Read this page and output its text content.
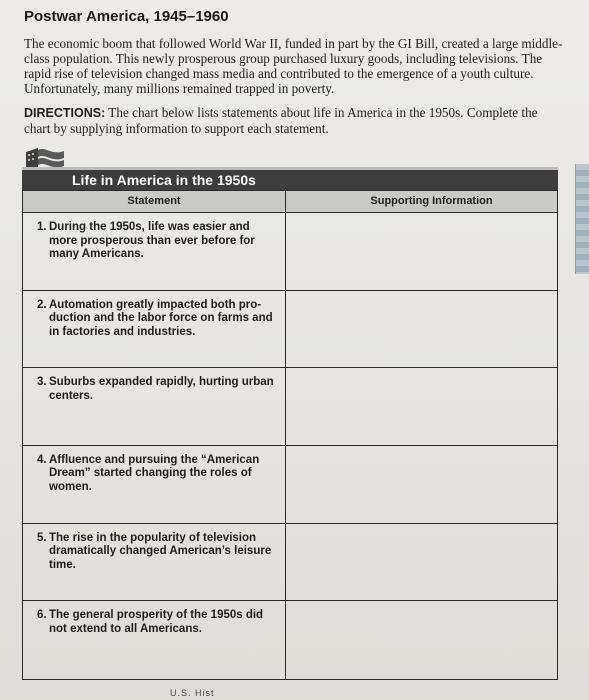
Postwar America, 1945–1960

The economic boom that followed World War II, funded in part by the GI Bill, created a large middle-class population. This newly prosperous group purchased luxury goods, including televisions. The rapid rise of television changed mass media and contributed to the emergence of a youth culture. Unfortunately, many millions remained trapped in poverty.

DIRECTIONS: The chart below lists statements about life in America in the 1950s. Complete the chart by supplying information to support each statement.

Life in America in the 1950s
Statement	Supporting Information
1. During the 1950s, life was easier and more prosperous than ever before for many Americans.
2. Automation greatly impacted both pro-duction and the labor force on farms and in factories and industries.
3. Suburbs expanded rapidly, hurting urban centers.
4. Affluence and pursuing the “American Dream” started changing the roles of women.
5. The rise in the popularity of television dramatically changed American’s leisure time.
6. The general prosperity of the 1950s did not extend to all Americans.
U.S. Hist
